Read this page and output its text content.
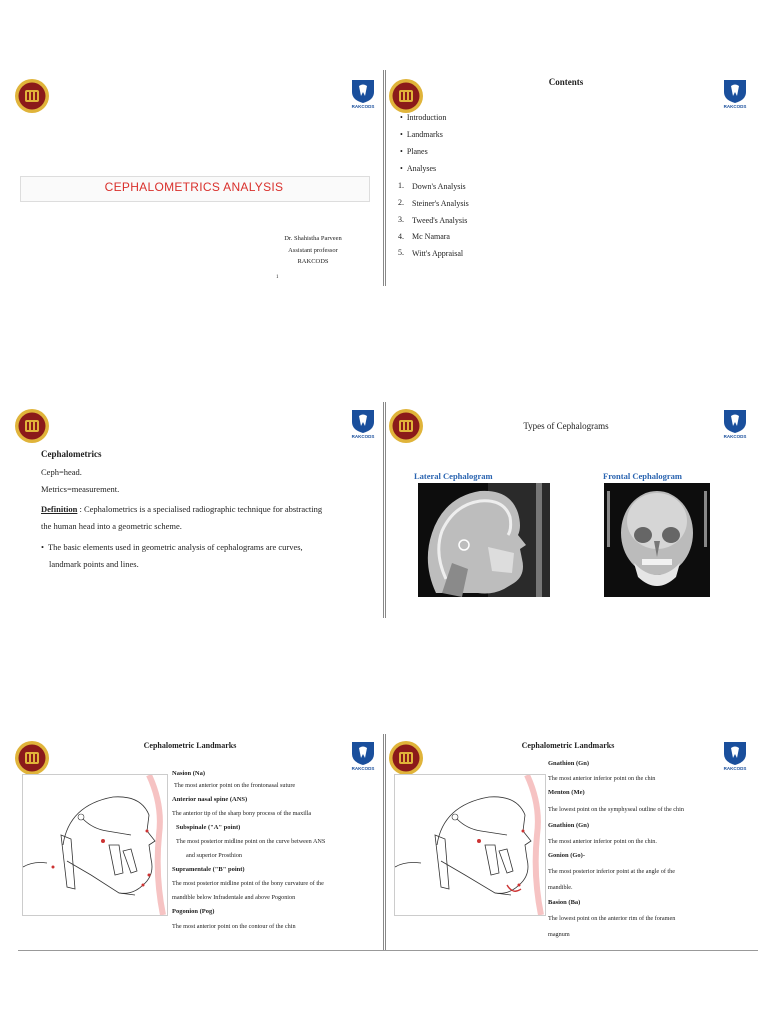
RAKCODS
CEPHALOMETRICS ANALYSIS
Dr. Shahistha Parveen
Assistant professor
RAKCODS
1
RAKCODS
Contents
• Introduction
• Landmarks
• Planes
• Analyses
1. Down's Analysis
2. Steiner's Analysis
3. Tweed's Analysis
4. Mc Namara
5. Witt's Appraisal
RAKCODS
Cephalometrics
Ceph=head.
Metrics=measurement.
Definition : Cephalometrics is a specialised radiographic technique for abstracting
the human head into a geometric scheme.
• The basic elements used in geometric analysis of cephalograms are curves,
landmark points and lines.
RAKCODS
Types of Cephalograms
Lateral Cephalogram	Frontal Cephalogram
RAKCODS
Cephalometric Landmarks
Nasion (Na)
The most anterior point on the frontonasal suture
Anterior nasal spine (ANS)
The anterior tip of the sharp bony process of the maxilla
Subspinale ("A" point)
The most posterior midline point on the curve between ANS
and superior Prosthion
Supramentale ("B" point)
The most posterior midline point of the bony curvature of the
mandible below Infradentale and above Pogonion
Pogonion (Pog)
The most anterior point on the contour of the chin
RAKCODS
Cephalometric Landmarks
Gnathion (Gn)
The most anterior inferior point on the chin
Menton (Me)
The lowest point on the symphyseal outline of the chin
Gnathion (Gn)
The most anterior inferior point on the chin.
Gonion (Go)-
The most posterior inferior point at the angle of the
mandible.
Basion (Ba)
The lowest point on the anterior rim of the foramen
magnum
